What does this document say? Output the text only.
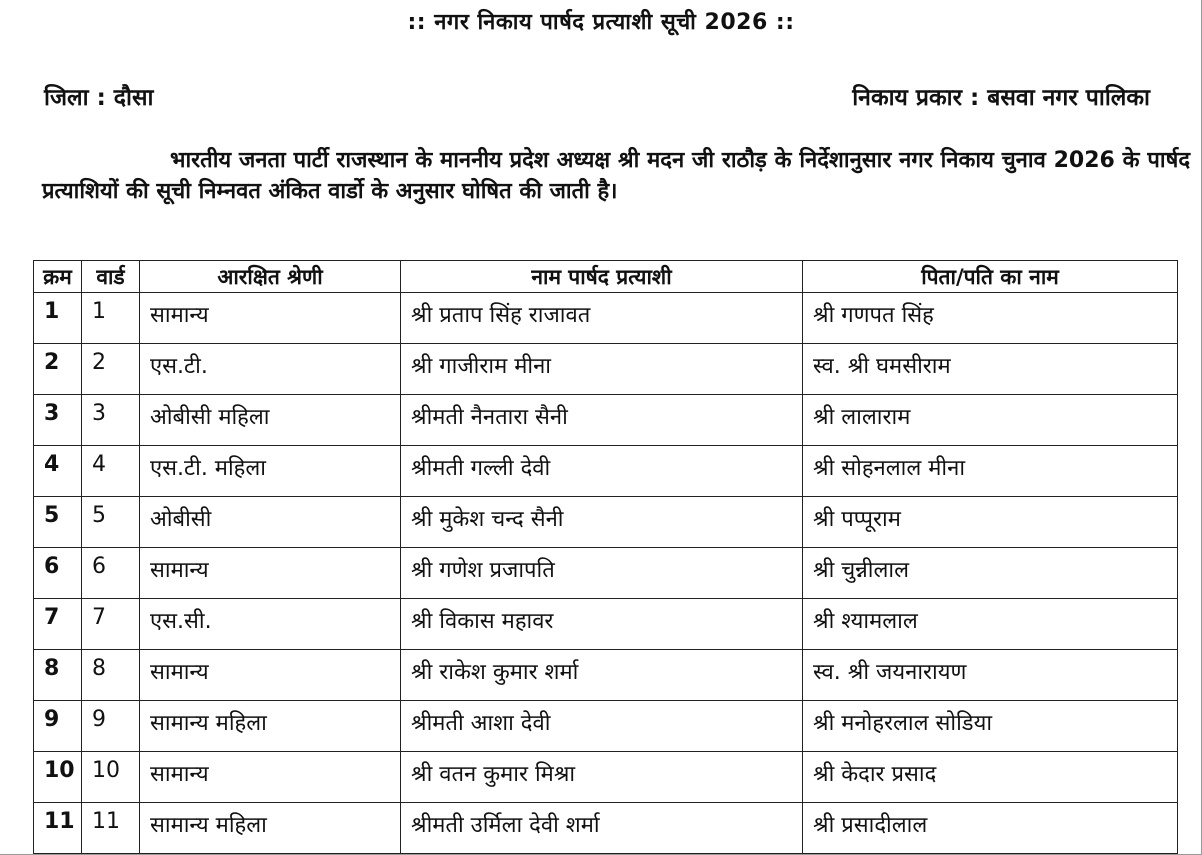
:: नगर निकाय पार्षद प्रत्याशी सूची 2026 ::
जिला : दौसा	निकाय प्रकार : बसवा नगर पालिका
भारतीय जनता पार्टी राजस्थान के माननीय प्रदेश अध्यक्ष श्री मदन जी राठौड़ के निर्देशानुसार नगर निकाय चुनाव 2026 के पार्षद प्रत्याशियों की सूची निम्नवत अंकित वार्डो के अनुसार घोषित की जाती है।
क्रम	वार्ड	आरक्षित श्रेणी	नाम पार्षद प्रत्याशी	पिता/पति का नाम
1	1	सामान्य	श्री प्रताप सिंह राजावत	श्री गणपत सिंह
2	2	एस.टी.	श्री गाजीराम मीना	स्व. श्री घमसीराम
3	3	ओबीसी महिला	श्रीमती नैनतारा सैनी	श्री लालाराम
4	4	एस.टी. महिला	श्रीमती गल्ली देवी	श्री सोहनलाल मीना
5	5	ओबीसी	श्री मुकेश चन्द सैनी	श्री पप्पूराम
6	6	सामान्य	श्री गणेश प्रजापति	श्री चुन्नीलाल
7	7	एस.सी.	श्री विकास महावर	श्री श्यामलाल
8	8	सामान्य	श्री राकेश कुमार शर्मा	स्व. श्री जयनारायण
9	9	सामान्य महिला	श्रीमती आशा देवी	श्री मनोहरलाल सोडिया
10	10	सामान्य	श्री वतन कुमार मिश्रा	श्री केदार प्रसाद
11	11	सामान्य महिला	श्रीमती उर्मिला देवी शर्मा	श्री प्रसादीलाल
